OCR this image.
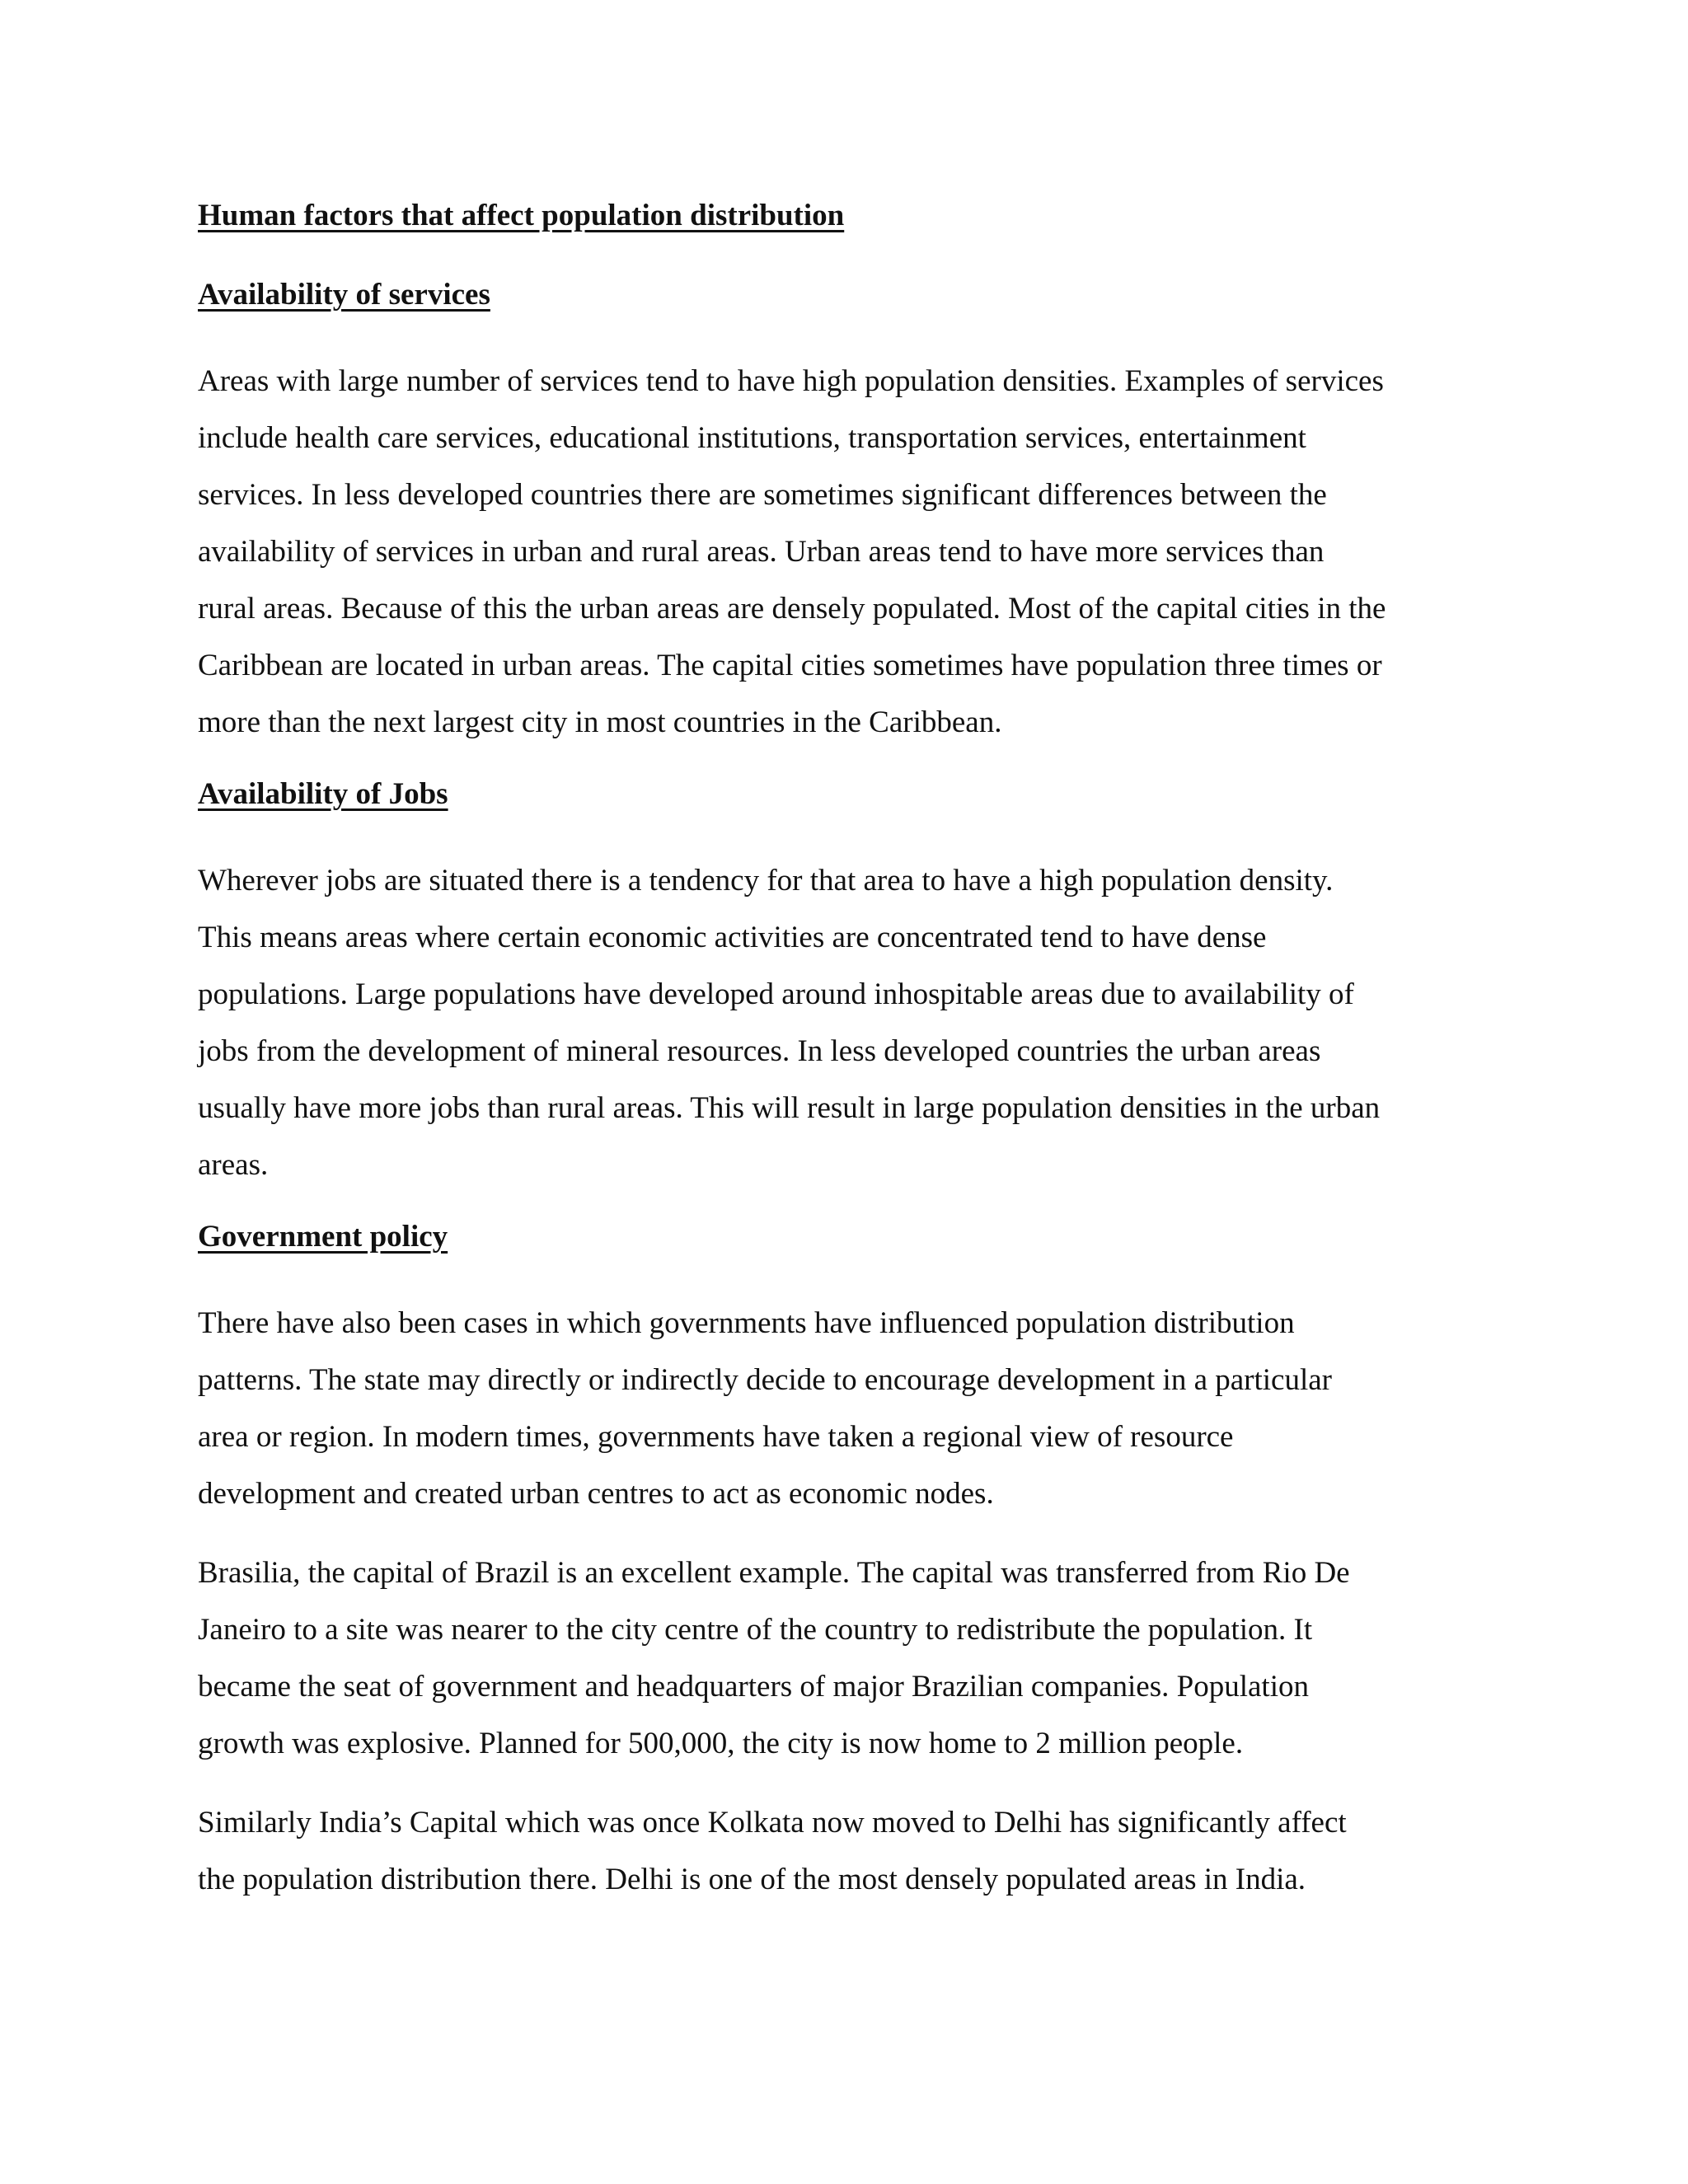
Human factors that affect population distribution
Availability of services

Areas with large number of services tend to have high population densities. Examples of services
include health care services, educational institutions, transportation services, entertainment
services. In less developed countries there are sometimes significant differences between the
availability of services in urban and rural areas. Urban areas tend to have more services than
rural areas. Because of this the urban areas are densely populated. Most of the capital cities in the
Caribbean are located in urban areas. The capital cities sometimes have population three times or
more than the next largest city in most countries in the Caribbean.

Availability of Jobs

Wherever jobs are situated there is a tendency for that area to have a high population density.
This means areas where certain economic activities are concentrated tend to have dense
populations. Large populations have developed around inhospitable areas due to availability of
jobs from the development of mineral resources. In less developed countries the urban areas
usually have more jobs than rural areas. This will result in large population densities in the urban
areas.

Government policy

There have also been cases in which governments have influenced population distribution
patterns. The state may directly or indirectly decide to encourage development in a particular
area or region. In modern times, governments have taken a regional view of resource
development and created urban centres to act as economic nodes.

Brasilia, the capital of Brazil is an excellent example. The capital was transferred from Rio De
Janeiro to a site was nearer to the city centre of the country to redistribute the population. It
became the seat of government and headquarters of major Brazilian companies. Population
growth was explosive. Planned for 500,000, the city is now home to 2 million people.

Similarly India’s Capital which was once Kolkata now moved to Delhi has significantly affect
the population distribution there. Delhi is one of the most densely populated areas in India.
